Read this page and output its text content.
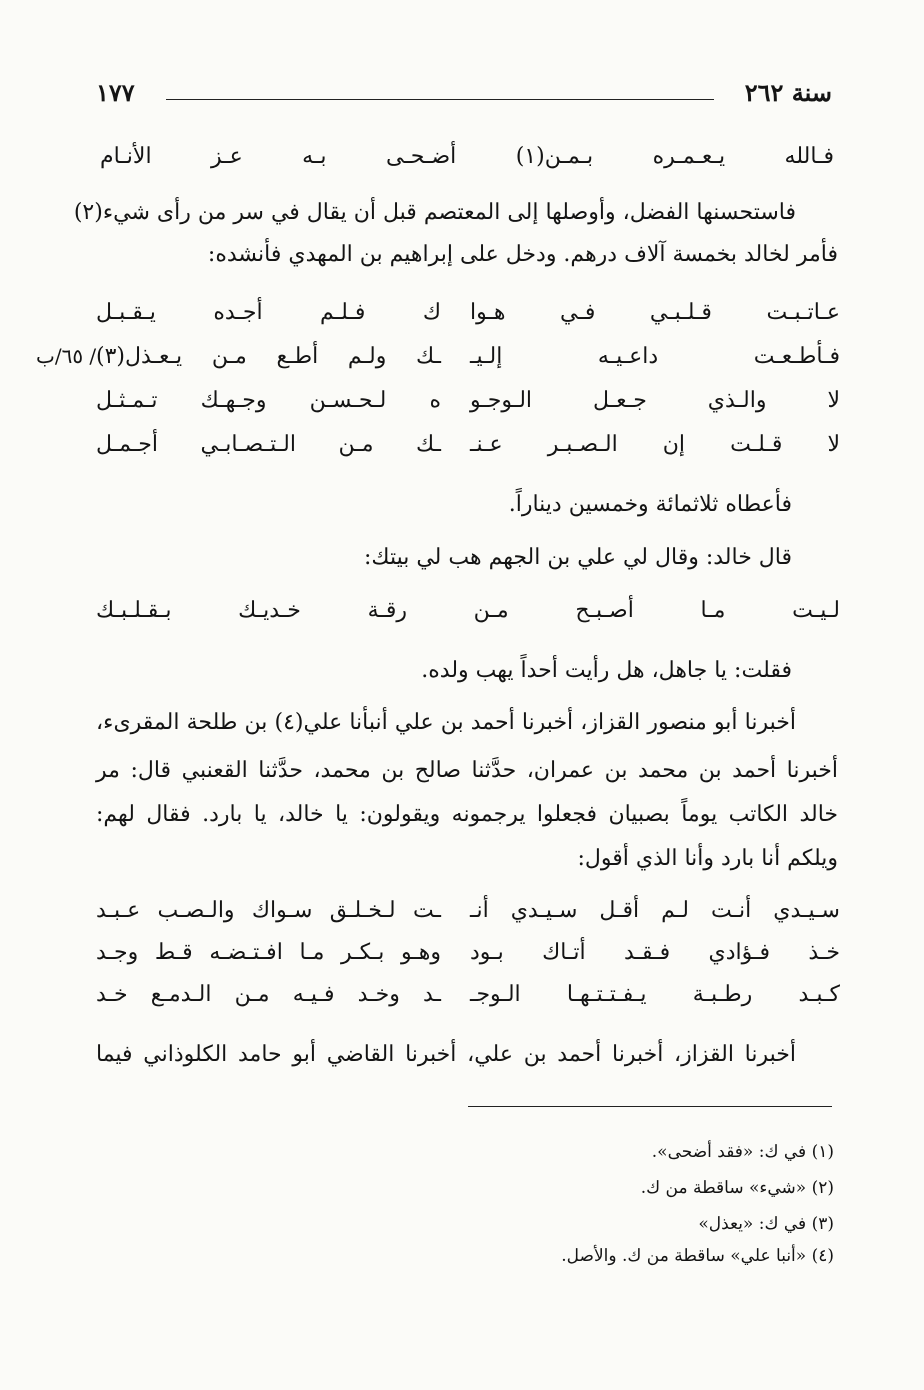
سنة ٢٦٢
١٧٧
فـالله يـعـمـره بـمـن(١) أضـحـى بـه عـز الأنـام
فاستحسنها الفضل، وأوصلها إلى المعتصم قبل أن يقال في سر من رأى شيء(٢)
فأمر لخالد بخمسة آلاف درهم. ودخل على إبراهيم بن المهدي فأنشده:
عـاتـبـت قـلـبـي فـي هـوا
ك فـلـم أجـده يـقـبـل
فـأطـعـت داعـيـه إلـيـ
ـك ولـم أطـع مـن يـعـذل(٣)
/ ٦٥/ب
لا والـذي جـعـل الـوجـو
ه لـحـسـن وجـهـك تـمـثـل
لا قـلـت إن الـصـبـر عـنـ
ـك مـن الـتـصـابـي أجـمـل
فأعطاه ثلاثمائة وخمسين ديناراً.
قال خالد: وقال لي علي بن الجهم هب لي بيتك:
لـيـت مـا أصـبـح مـن رقـة خـديـك بـقـلـبـك
فقلت: يا جاهل، هل رأيت أحداً يهب ولده.
أخبرنا أبو منصور القزاز، أخبرنا أحمد بن علي أنبأنا علي(٤) بن طلحة المقرىء،
أخبرنا أحمد بن محمد بن عمران، حدَّثنا صالح بن محمد، حدَّثنا القعنبي قال: مر
خالد الكاتب يوماً بصبيان فجعلوا يرجمونه ويقولون: يا خالد، يا بارد. فقال لهم:
ويلكم أنا بارد وأنا الذي أقول:
سـيـدي أنـت لـم أقـل سـيـدي أنـ
ـت لـخـلـق سـواك والـصـب عـبـد
خـذ فـؤادي فـقـد أتـاك بـود
وهـو بـكـر مـا افـتـضـه قـط وجـد
كـبـد رطـبـة يـفـتـتـهـا الـوجـ
ـد وخـد فـيـه مـن الـدمـع خـد
أخبرنا القزاز، أخبرنا أحمد بن علي، أخبرنا القاضي أبو حامد الكلوذاني فيما
(١) في ك: «فقد أضحى».
(٢) «شيء» ساقطة من ك.
(٣) في ك: «يعذل»
(٤) «أنبا علي» ساقطة من ك. والأصل.
